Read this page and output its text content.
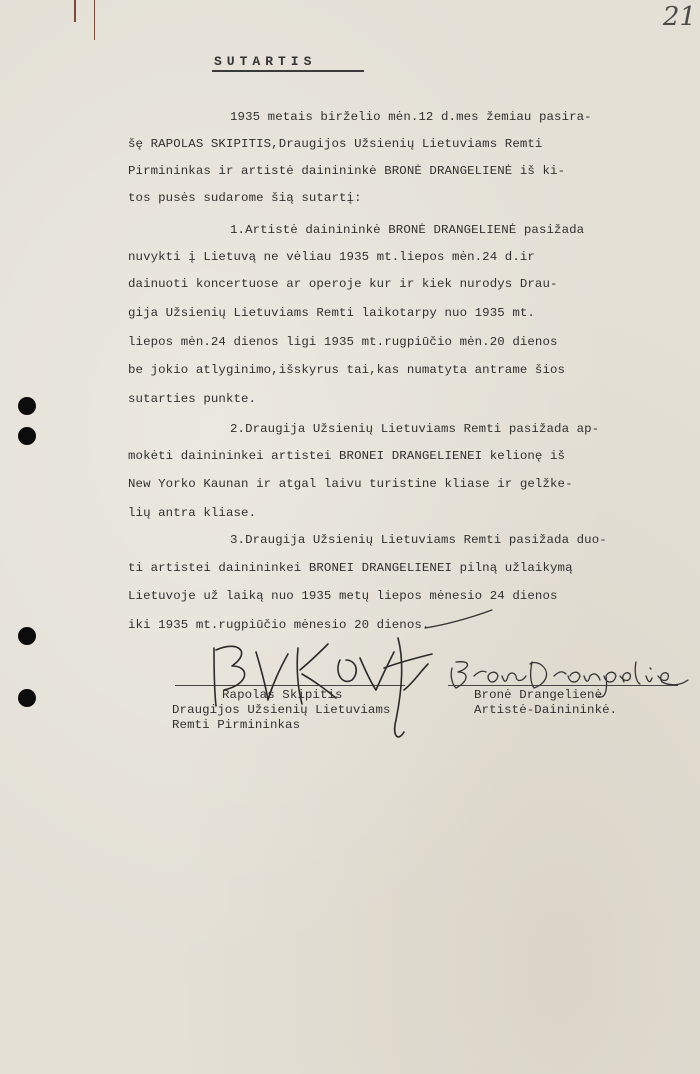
21
SUTARTIS
1935 metais birželio mėn.12 d.mes žemiau pasira-
šę RAPOLAS SKIPITIS,Draugijos Užsienių Lietuviams Remti
Pirmininkas ir artistė dainininkė BRONĖ DRANGELIENĖ iš ki-
tos pusės sudarome šią sutartį:
1.Artistė dainininkė BRONĖ DRANGELIENĖ pasižada
nuvykti į Lietuvą ne vėliau 1935 mt.liepos mėn.24 d.ir
dainuoti koncertuose ar operoje kur ir kiek nurodys Drau-
gija Užsienių Lietuviams Remti laikotarpy nuo 1935 mt.
liepos mėn.24 dienos ligi 1935 mt.rugpiūčio mėn.20 dienos
be jokio atlyginimo,išskyrus tai,kas numatyta antrame šios
sutarties punkte.
2.Draugija Užsienių Lietuviams Remti pasižada ap-
mokėti dainininkei artistei BRONEI DRANGELIENEI kelionę iš
New Yorko Kaunan ir atgal laivu turistine kliase ir gelžke-
lių antra kliase.
3.Draugija Užsienių Lietuviams Remti pasižada duo-
ti artistei dainininkei BRONEI DRANGELIENEI pilną užlaikymą
Lietuvoje už laiką nuo 1935 metų liepos mėnesio 24 dienos
iki 1935 mt.rugpiūčio mėnesio 20 dienos.
Rapolas Skipitis
Draugijos Užsienių Lietuviams
Remti Pirmininkas
Bronė Drangelienė
Artistė-Dainininkė.
